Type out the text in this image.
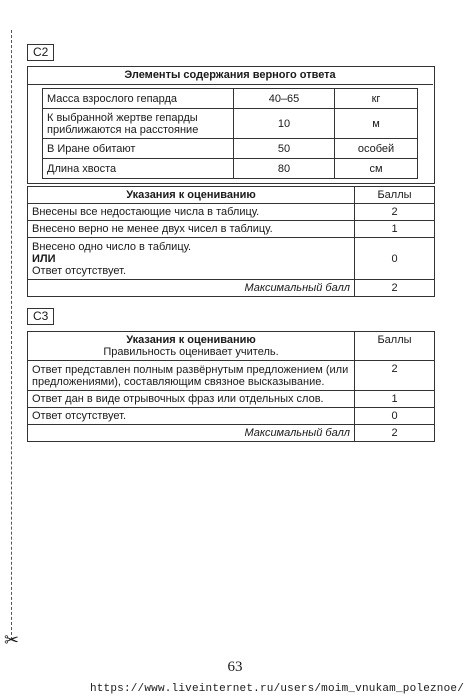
✂
С2
Элементы содержания верного ответа
Масса взрослого гепарда	40–65	кг
К выбранной жертве гепарды приближаются на расстояние	10	м
В Иране обитают	50	особей
Длина хвоста	80	см
Указания к оцениванию	Баллы
Внесены все недостающие числа в таблицу.	2
Внесено верно не менее двух чисел в таблицу.	1

Внесено одно число в таблицу.
ИЛИ
Ответ отсутствует.	0
Максимальный балл	2
С3
Указания к оцениванию
Правильность оценивает учитель.	Баллы
Ответ представлен полным развёрнутым предложением (или предложениями), составляющим связное высказывание.	2
Ответ дан в виде отрывочных фраз или отдельных слов.	1
Ответ отсутствует.	0
Максимальный балл	2
63
https://www.liveinternet.ru/users/moim_vnukam_poleznoe/
